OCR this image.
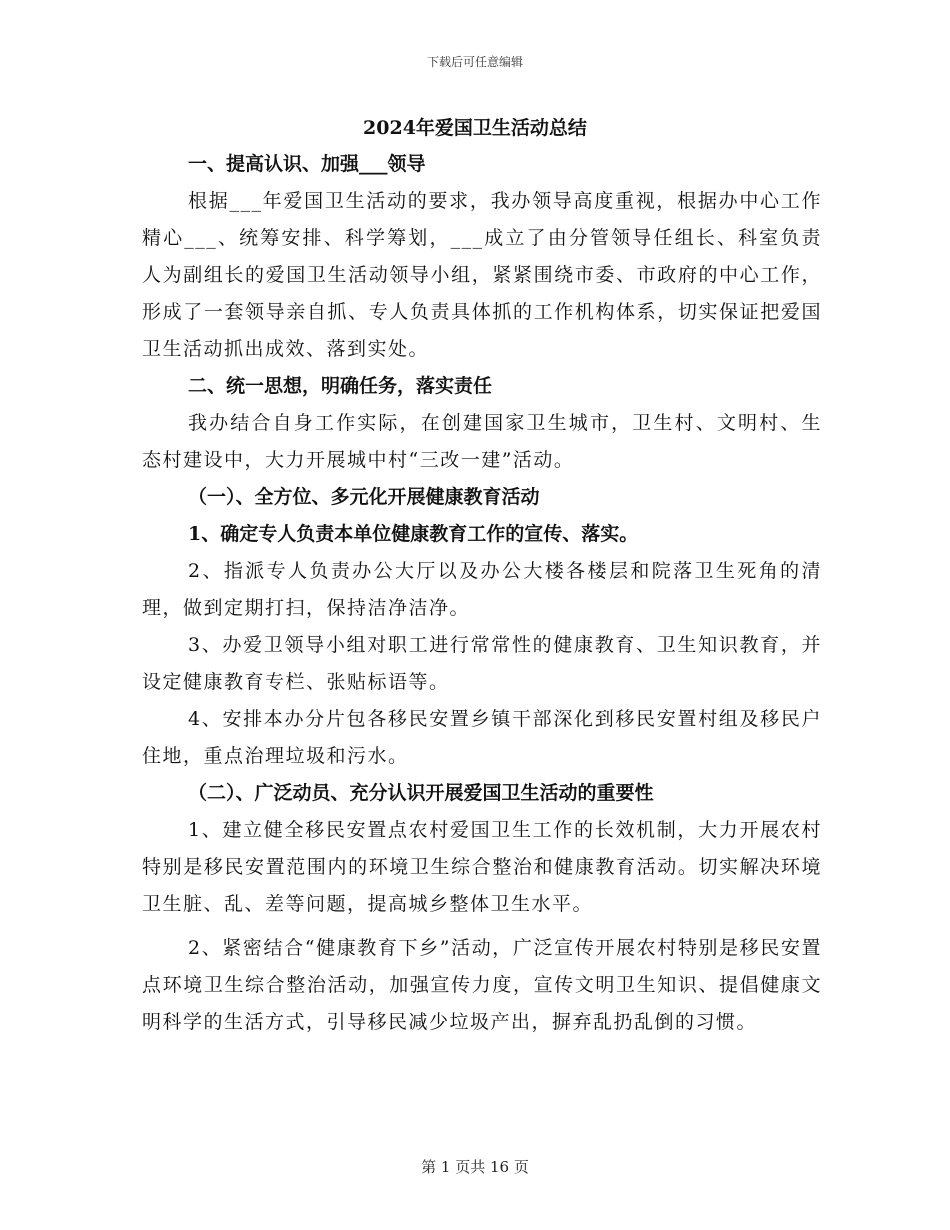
下载后可任意编辑
2024年爱国卫生活动总结
一、提高认识、加强___领导

根据___年爱国卫生活动的要求，我办领导高度重视，根据办中心工作精心___、统筹安排、科学筹划，___成立了由分管领导任组长、科室负责人为副组长的爱国卫生活动领导小组，紧紧围绕市委、市政府的中心工作，形成了一套领导亲自抓、专人负责具体抓的工作机构体系，切实保证把爱国卫生活动抓出成效、落到实处。

二、统一思想，明确任务，落实责任

我办结合自身工作实际，在创建国家卫生城市，卫生村、文明村、生态村建设中，大力开展城中村“三改一建”活动。

（一）、全方位、多元化开展健康教育活动
1、确定专人负责本单位健康教育工作的宣传、落实。

2、指派专人负责办公大厅以及办公大楼各楼层和院落卫生死角的清理，做到定期打扫，保持洁净洁净。

3、办爱卫领导小组对职工进行常常性的健康教育、卫生知识教育，并设定健康教育专栏、张贴标语等。

4、安排本办分片包各移民安置乡镇干部深化到移民安置村组及移民户住地，重点治理垃圾和污水。

（二）、广泛动员、充分认识开展爱国卫生活动的重要性

1、建立健全移民安置点农村爱国卫生工作的长效机制，大力开展农村特别是移民安置范围内的环境卫生综合整治和健康教育活动。切实解决环境卫生脏、乱、差等问题，提高城乡整体卫生水平。

2、紧密结合“健康教育下乡”活动，广泛宣传开展农村特别是移民安置点环境卫生综合整治活动，加强宣传力度，宣传文明卫生知识、提倡健康文明科学的生活方式，引导移民减少垃圾产出，摒弃乱扔乱倒的习惯。

第 1 页共 16 页
